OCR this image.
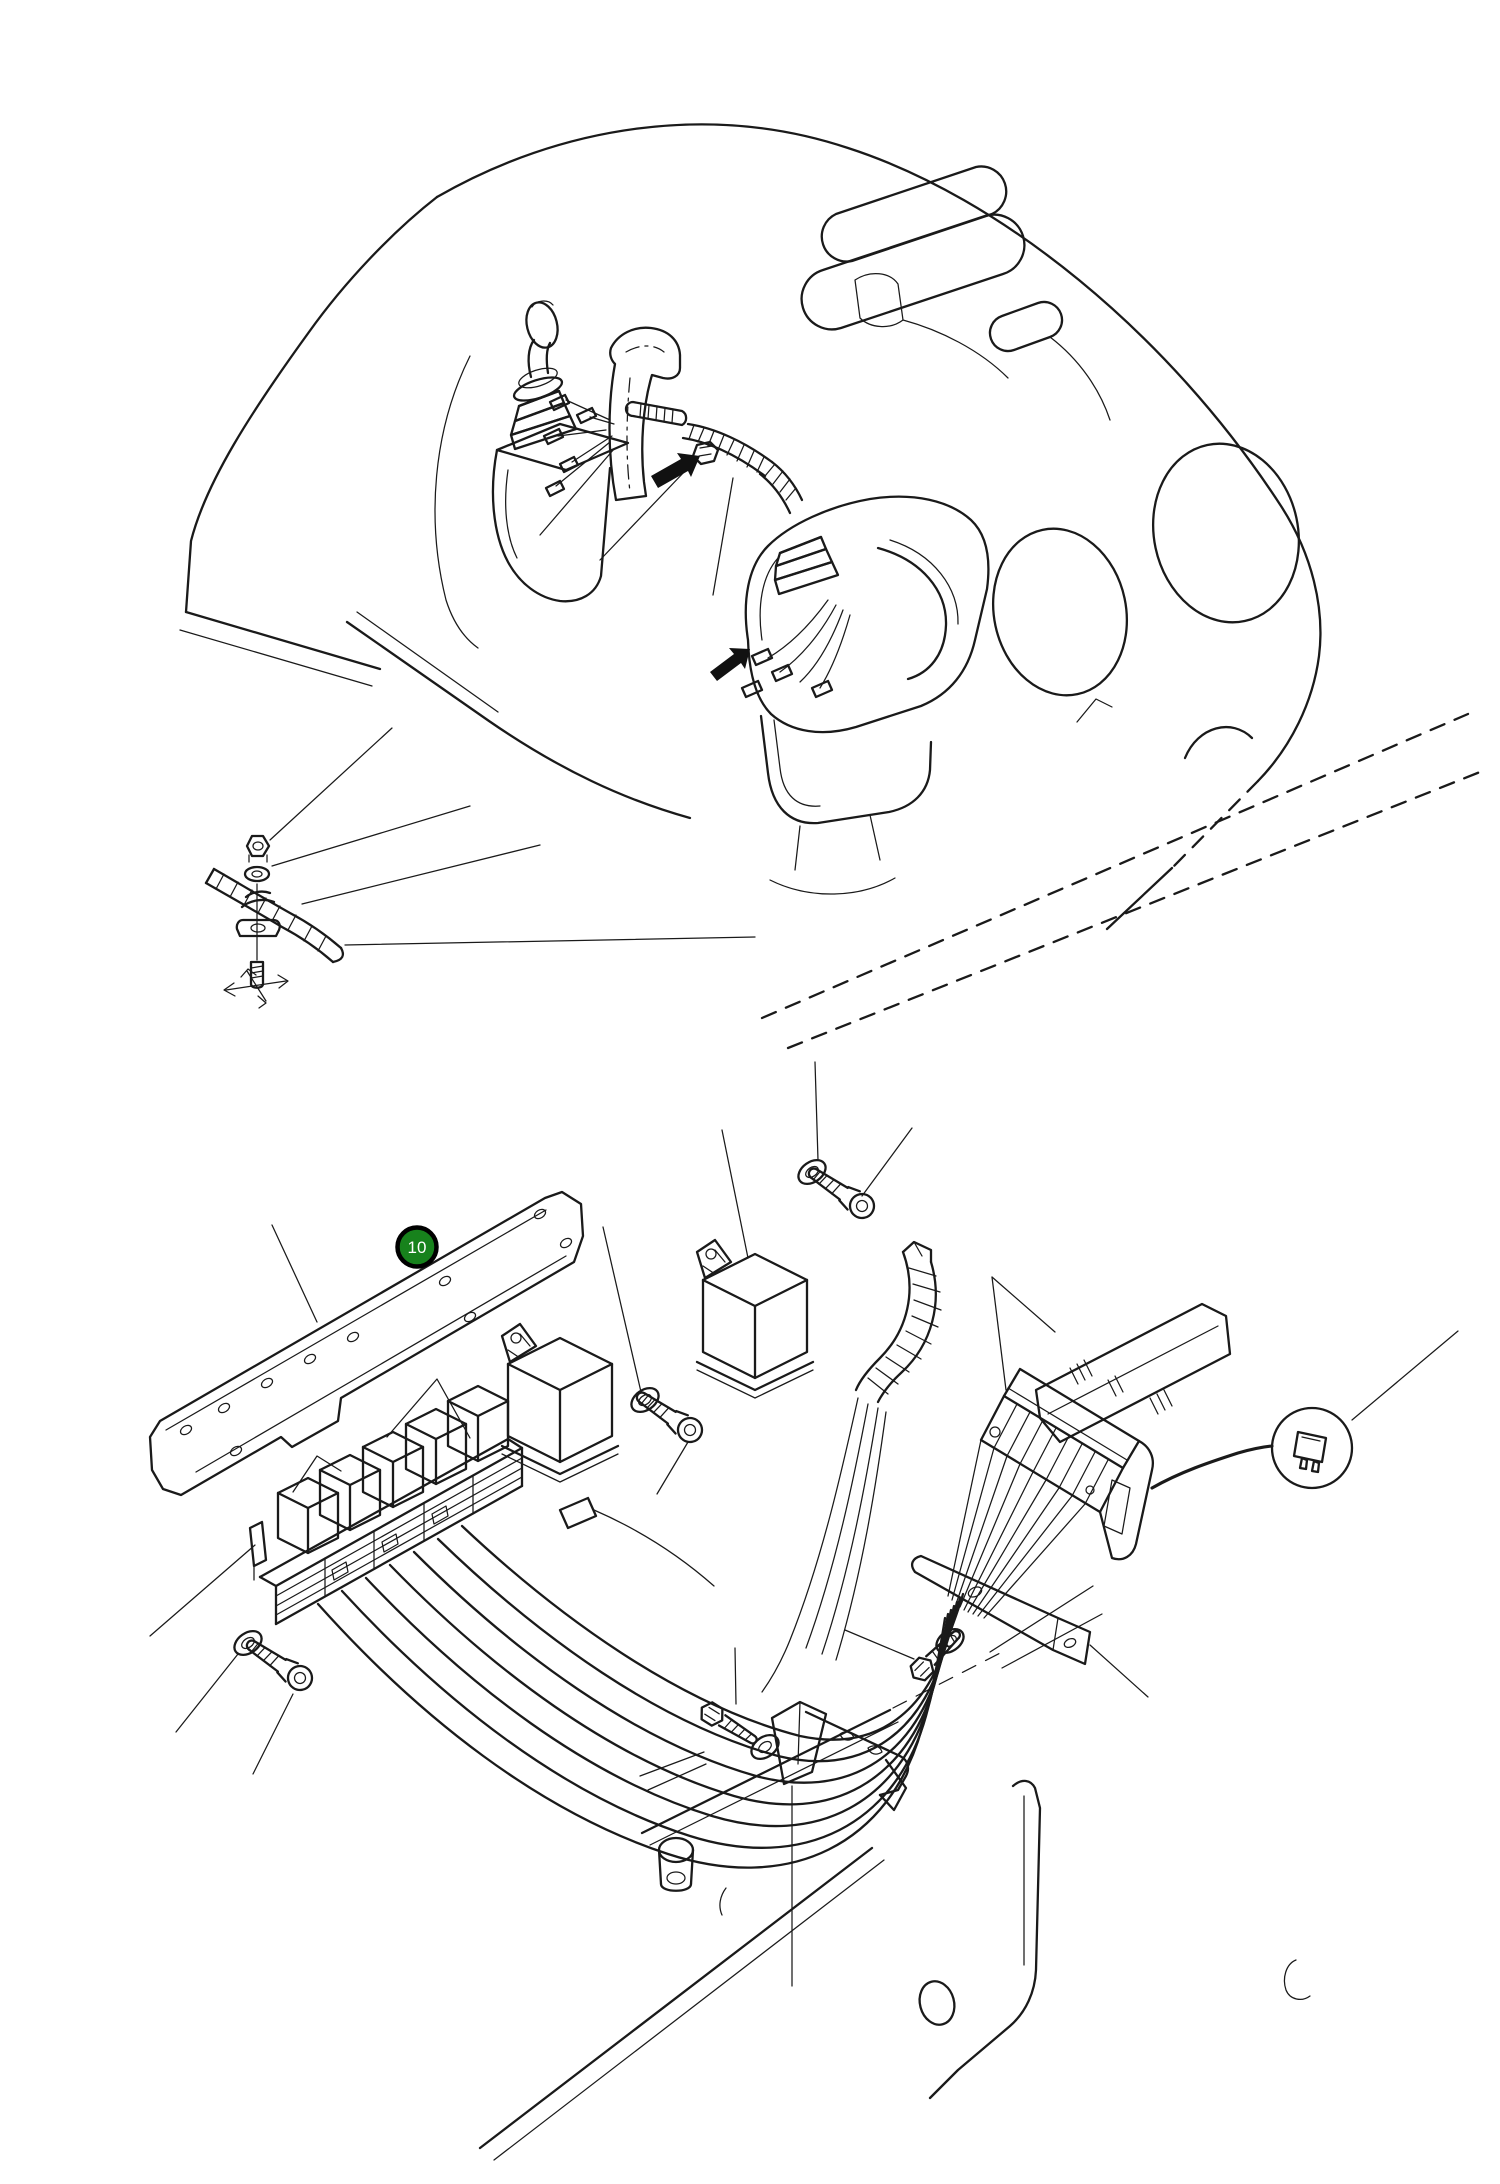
10
